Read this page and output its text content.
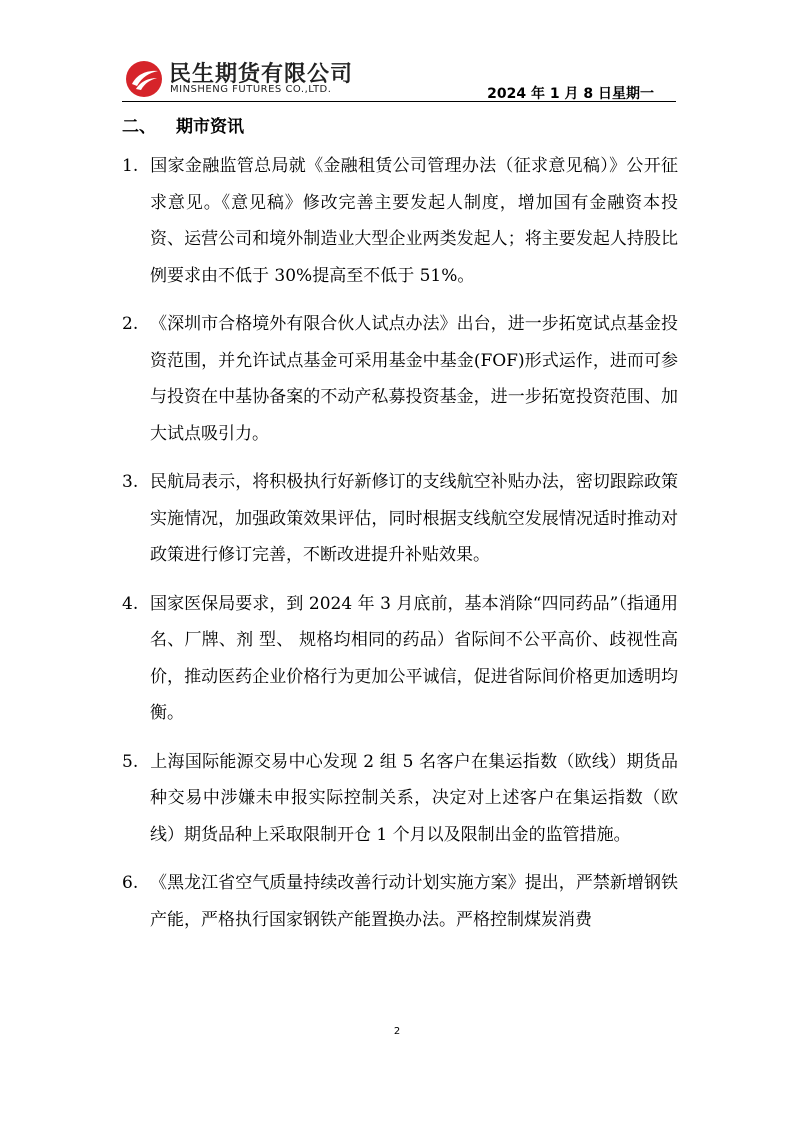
民生期货有限公司
MINSHENG FUTURES CO.,LTD.	2024 年 1 月 8 日星期一
二、 期市资讯

1. 国家金融监管总局就《金融租赁公司管理办法（征求意见稿）》公开征求意见。《意见稿》修改完善主要发起人制度，增加国有金融资本投资、运营公司和境外制造业大型企业两类发起人；将主要发起人持股比例要求由不低于 30%提高至不低于 51%。

2. 《深圳市合格境外有限合伙人试点办法》出台，进一步拓宽试点基金投资范围，并允许试点基金可采用基金中基金(FOF)形式运作，进而可参与投资在中基协备案的不动产私募投资基金，进一步拓宽投资范围、加大试点吸引力。

3. 民航局表示，将积极执行好新修订的支线航空补贴办法，密切跟踪政策实施情况，加强政策效果评估，同时根据支线航空发展情况适时推动对政策进行修订完善，不断改进提升补贴效果。

4. 国家医保局要求，到 2024 年 3 月底前，基本消除“四同药品”（指通用名、厂牌、剂 型、 规格均相同的药品）省际间不公平高价、歧视性高价，推动医药企业价格行为更加公平诚信，促进省际间价格更加透明均衡。

5. 上海国际能源交易中心发现 2 组 5 名客户在集运指数（欧线）期货品种交易中涉嫌未申报实际控制关系，决定对上述客户在集运指数（欧线）期货品种上采取限制开仓 1 个月以及限制出金的监管措施。

6. 《黑龙江省空气质量持续改善行动计划实施方案》提出，严禁新增钢铁产能，严格执行国家钢铁产能置换办法。严格控制煤炭消费

2
